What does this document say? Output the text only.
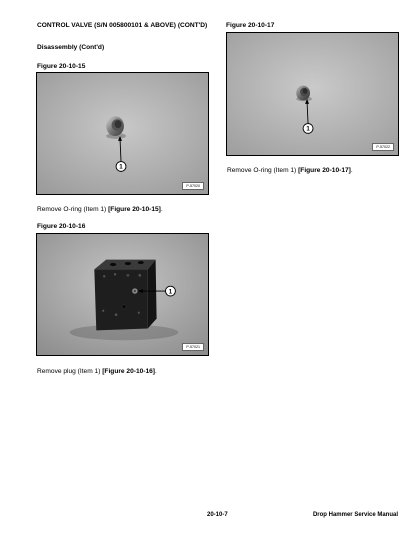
CONTROL VALVE (S/N 005800101 & ABOVE) (CONT'D)
Disassembly (Cont'd)
Figure 20-10-15
1
P-57020
Remove O-ring (Item 1) [Figure 20-10-15].
Figure 20-10-16
1
P-57021
Remove plug (Item 1) [Figure 20-10-16].
Figure 20-10-17
1
P-57022
Remove O-ring (Item 1) [Figure 20-10-17].
20-10-7	Drop Hammer Service Manual
